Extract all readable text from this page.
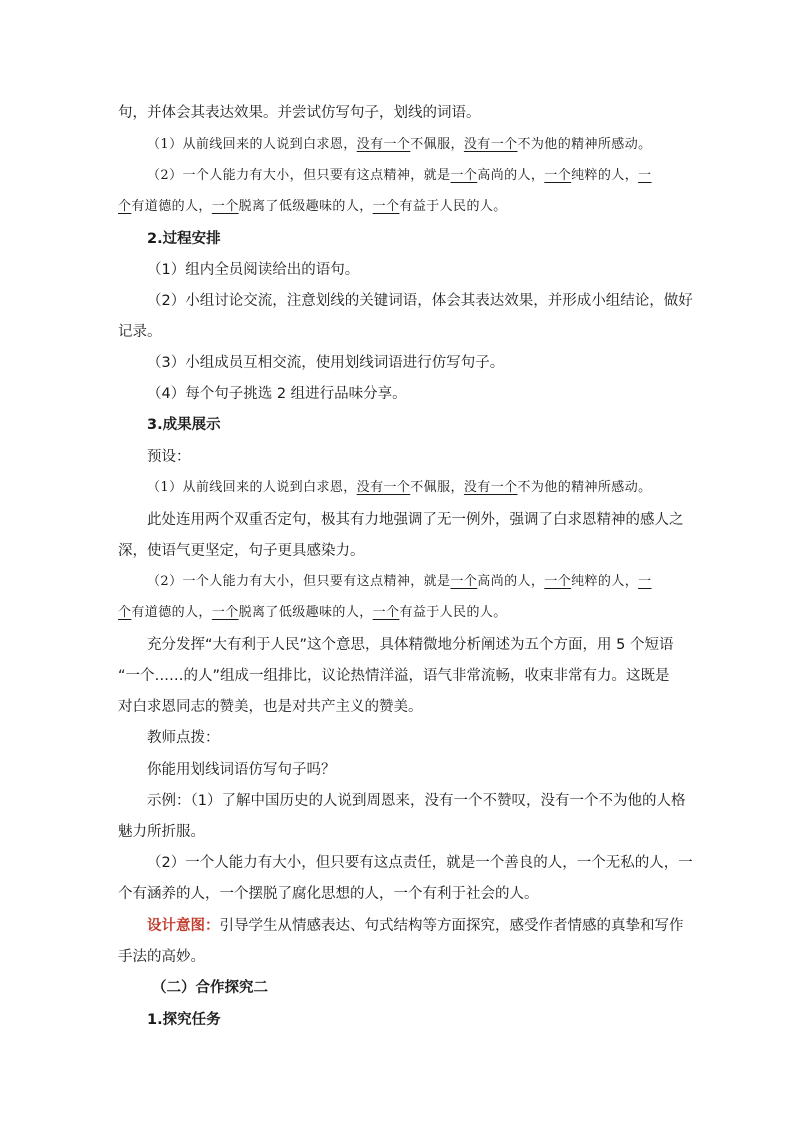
句，并体会其表达效果。并尝试仿写句子，划线的词语。
（1）从前线回来的人说到白求恩，没有一个不佩服，没有一个不为他的精神所感动。
（2）一个人能力有大小，但只要有这点精神，就是一个高尚的人，一个纯粹的人，一
个有道德的人，一个脱离了低级趣味的人，一个有益于人民的人。
2.过程安排
（1）组内全员阅读给出的语句。
（2）小组讨论交流，注意划线的关键词语，体会其表达效果，并形成小组结论，做好
记录。
（3）小组成员互相交流，使用划线词语进行仿写句子。
（4）每个句子挑选 2 组进行品味分享。
3.成果展示
预设：
（1）从前线回来的人说到白求恩，没有一个不佩服，没有一个不为他的精神所感动。
此处连用两个双重否定句，极其有力地强调了无一例外，强调了白求恩精神的感人之
深，使语气更坚定，句子更具感染力。
（2）一个人能力有大小，但只要有这点精神，就是一个高尚的人，一个纯粹的人，一
个有道德的人，一个脱离了低级趣味的人，一个有益于人民的人。
充分发挥“大有利于人民”这个意思，具体精微地分析阐述为五个方面，用 5 个短语
“一个……的人”组成一组排比，议论热情洋溢，语气非常流畅，收束非常有力。这既是
对白求恩同志的赞美，也是对共产主义的赞美。
教师点拨：
你能用划线词语仿写句子吗？
示例：（1）了解中国历史的人说到周恩来，没有一个不赞叹，没有一个不为他的人格
魅力所折服。
（2）一个人能力有大小，但只要有这点责任，就是一个善良的人，一个无私的人，一
个有涵养的人，一个摆脱了腐化思想的人，一个有利于社会的人。
设计意图：引导学生从情感表达、句式结构等方面探究，感受作者情感的真挚和写作
手法的高妙。
（二）合作探究二
1.探究任务
